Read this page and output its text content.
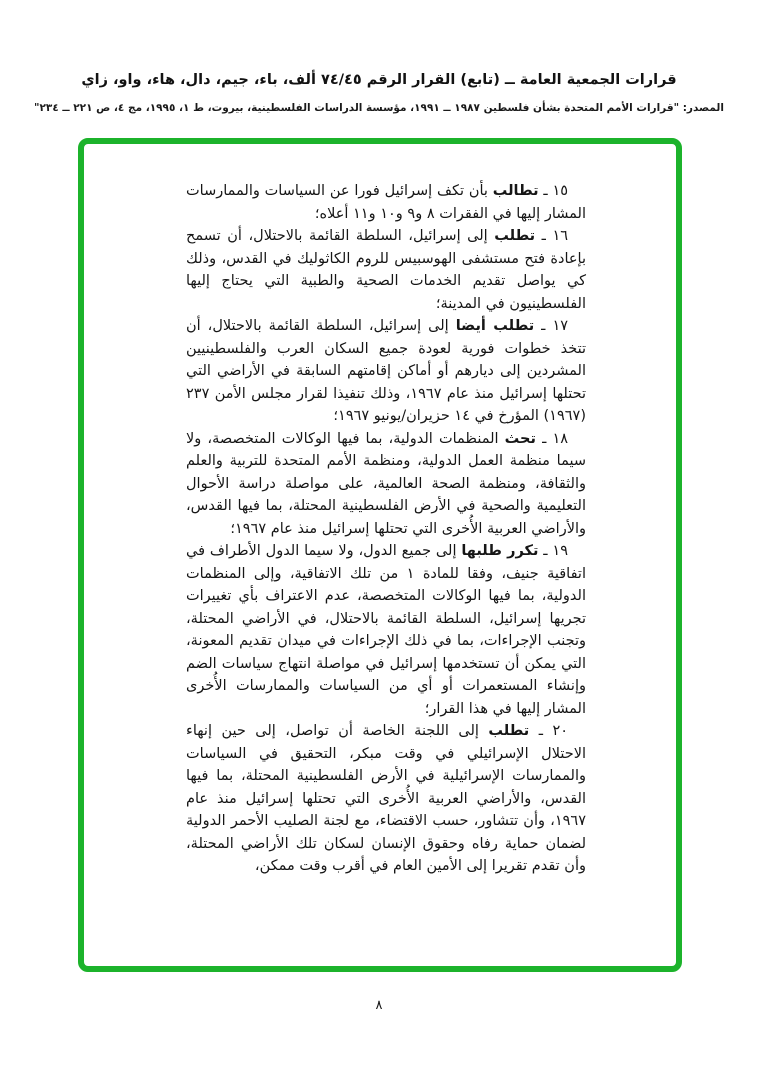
قرارات الجمعية العامة ــ (تابع) القرار الرقم ٧٤/٤٥ ألف، باء، جيم، دال، هاء، واو، زاي
المصدر: "قرارات الأمم المتحدة بشأن فلسطين ١٩٨٧ ــ ١٩٩١، مؤسسة الدراسات الفلسطينية، بيروت، ط ١، ١٩٩٥، مج ٤، ص ٢٢١ ــ ٢٣٤"

١٥ ـ تطالب بأن تكف إسرائيل فورا عن السياسات والممارسات المشار إليها في الفقرات ٨ و٩ و١٠ و١١ أعلاه؛

١٦ ـ تطلب إلى إسرائيل، السلطة القائمة بالاحتلال، أن تسمح بإعادة فتح مستشفى الهوسبيس للروم الكاثوليك في القدس، وذلك كي يواصل تقديم الخدمات الصحية والطبية التي يحتاج إليها الفلسطينيون في المدينة؛

١٧ ـ تطلب أيضا إلى إسرائيل، السلطة القائمة بالاحتلال، أن تتخذ خطوات فورية لعودة جميع السكان العرب والفلسطينيين المشردين إلى ديارهم أو أماكن إقامتهم السابقة في الأراضي التي تحتلها إسرائيل منذ عام ١٩٦٧، وذلك تنفيذا لقرار مجلس الأمن ٢٣٧ (١٩٦٧) المؤرخ في ١٤ حزيران/يونيو ١٩٦٧؛

١٨ ـ تحث المنظمات الدولية، بما فيها الوكالات المتخصصة، ولا سيما منظمة العمل الدولية، ومنظمة الأمم المتحدة للتربية والعلم والثقافة، ومنظمة الصحة العالمية، على مواصلة دراسة الأحوال التعليمية والصحية في الأرض الفلسطينية المحتلة، بما فيها القدس، والأراضي العربية الأُخرى التي تحتلها إسرائيل منذ عام ١٩٦٧؛

١٩ ـ تكرر طلبها إلى جميع الدول، ولا سيما الدول الأطراف في اتفاقية جنيف، وفقا للمادة ١ من تلك الاتفاقية، وإلى المنظمات الدولية، بما فيها الوكالات المتخصصة، عدم الاعتراف بأي تغييرات تجريها إسرائيل، السلطة القائمة بالاحتلال، في الأراضي المحتلة، وتجنب الإجراءات، بما في ذلك الإجراءات في ميدان تقديم المعونة، التي يمكن أن تستخدمها إسرائيل في مواصلة انتهاج سياسات الضم وإنشاء المستعمرات أو أي من السياسات والممارسات الأُخرى المشار إليها في هذا القرار؛

٢٠ ـ تطلب إلى اللجنة الخاصة أن تواصل، إلى حين إنهاء الاحتلال الإسرائيلي في وقت مبكر، التحقيق في السياسات والممارسات الإسرائيلية في الأرض الفلسطينية المحتلة، بما فيها القدس، والأراضي العربية الأُخرى التي تحتلها إسرائيل منذ عام ١٩٦٧، وأن تتشاور، حسب الاقتضاء، مع لجنة الصليب الأحمر الدولية لضمان حماية رفاه وحقوق الإنسان لسكان تلك الأراضي المحتلة، وأن تقدم تقريرا إلى الأمين العام في أقرب وقت ممكن،

٨
